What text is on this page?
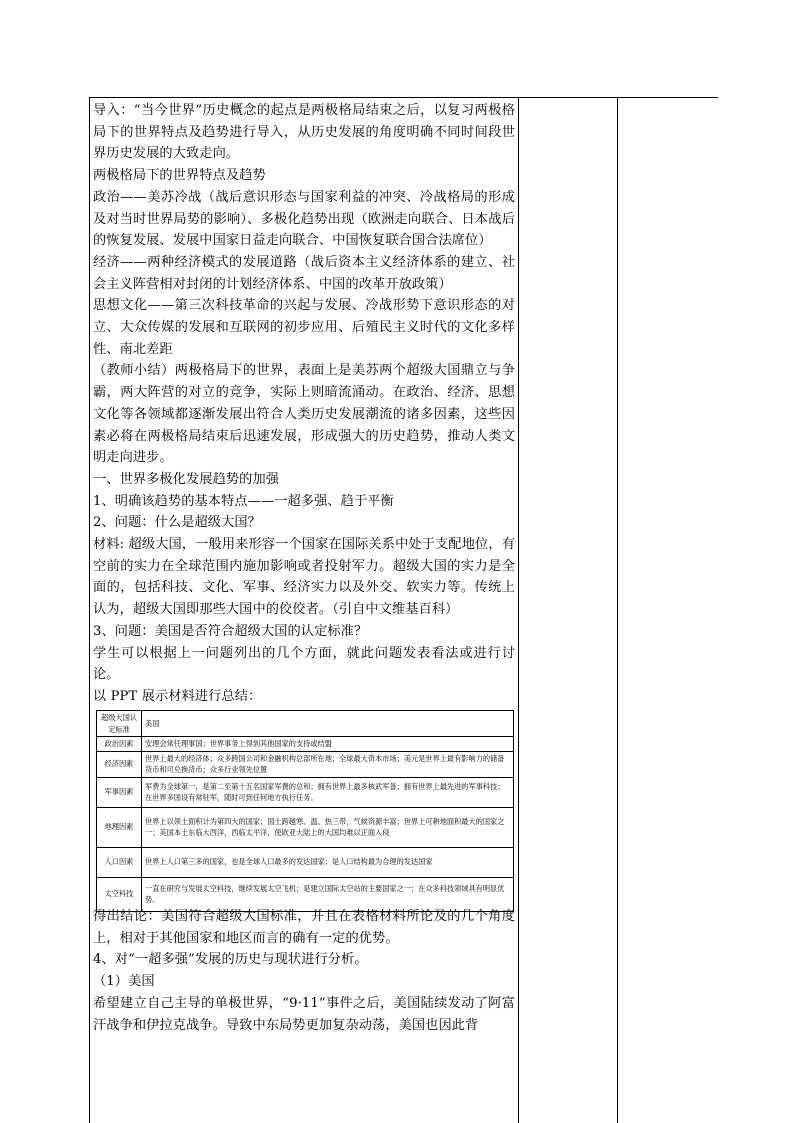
导入：“当今世界”历史概念的起点是两极格局结束之后，以复习两极格局下的世界特点及趋势进行导入，从历史发展的角度明确不同时间段世界历史发展的大致走向。

两极格局下的世界特点及趋势

政治——美苏冷战（战后意识形态与国家利益的冲突、冷战格局的形成及对当时世界局势的影响）、多极化趋势出现（欧洲走向联合、日本战后的恢复发展、发展中国家日益走向联合、中国恢复联合国合法席位）

经济——两种经济模式的发展道路（战后资本主义经济体系的建立、社会主义阵营相对封闭的计划经济体系、中国的改革开放政策）

思想文化——第三次科技革命的兴起与发展、冷战形势下意识形态的对立、大众传媒的发展和互联网的初步应用、后殖民主义时代的文化多样性、南北差距

（教师小结）两极格局下的世界，表面上是美苏两个超级大国鼎立与争霸，两大阵营的对立的竞争，实际上则暗流涌动。在政治、经济、思想文化等各领域都逐渐发展出符合人类历史发展潮流的诸多因素，这些因素必将在两极格局结束后迅速发展，形成强大的历史趋势，推动人类文明走向进步。

一、世界多极化发展趋势的加强

1、明确该趋势的基本特点——一超多强、趋于平衡

2、问题：什么是超级大国？

材料: 超级大国，一般用来形容一个国家在国际关系中处于支配地位，有空前的实力在全球范围内施加影响或者投射军力。超级大国的实力是全面的，包括科技、文化、军事、经济实力以及外交、软实力等。传统上认为，超级大国即那些大国中的佼佼者。（引自中文维基百科）

3、问题：美国是否符合超级大国的认定标准？

学生可以根据上一问题列出的几个方面，就此问题发表看法或进行讨论。

以 PPT 展示材料进行总结：

超级大国认定标准	美国
政治因素	安理会常任理事国；世界事务上得到其他国家的支持或结盟
经济因素	世界上最大的经济体；众多跨国公司和金融机构总部所在地；全球最大资本市场；美元是世界上最有影响力的储备货币和可兑换货币；众多行业领先位置
军事因素	军费为全球第一，是第二至第十五名国家军费的总和；拥有世界上最多核武军备；拥有世界上最先进的军事科技；在世界多国设有常驻军，随时可到任何地方执行任务。
地理因素	世界上以领土面积计为第四大的国家；国土跨越寒、温、热三带，气候资源丰富；世界上可耕地面积最大的国家之一；美国本土东临大西洋，西临太平洋，使欧亚大陆上的大国均难以正面入侵
人口因素	世界上人口第三多的国家，也是全球人口最多的发达国家；是人口结构最为合理的发达国家
太空科技	一直在研究与发展太空科技，继续发展太空飞机；是建立国际太空站的主要国家之一；在众多科技领域具有明显优势。

得出结论：美国符合超级大国标准，并且在表格材料所论及的几个角度上，相对于其他国家和地区而言的确有一定的优势。

4、对“一超多强”发展的历史与现状进行分析。

（1）美国

希望建立自己主导的单极世界，“9·11”事件之后，美国陆续发动了阿富汗战争和伊拉克战争。导致中东局势更加复杂动荡，美国也因此背
